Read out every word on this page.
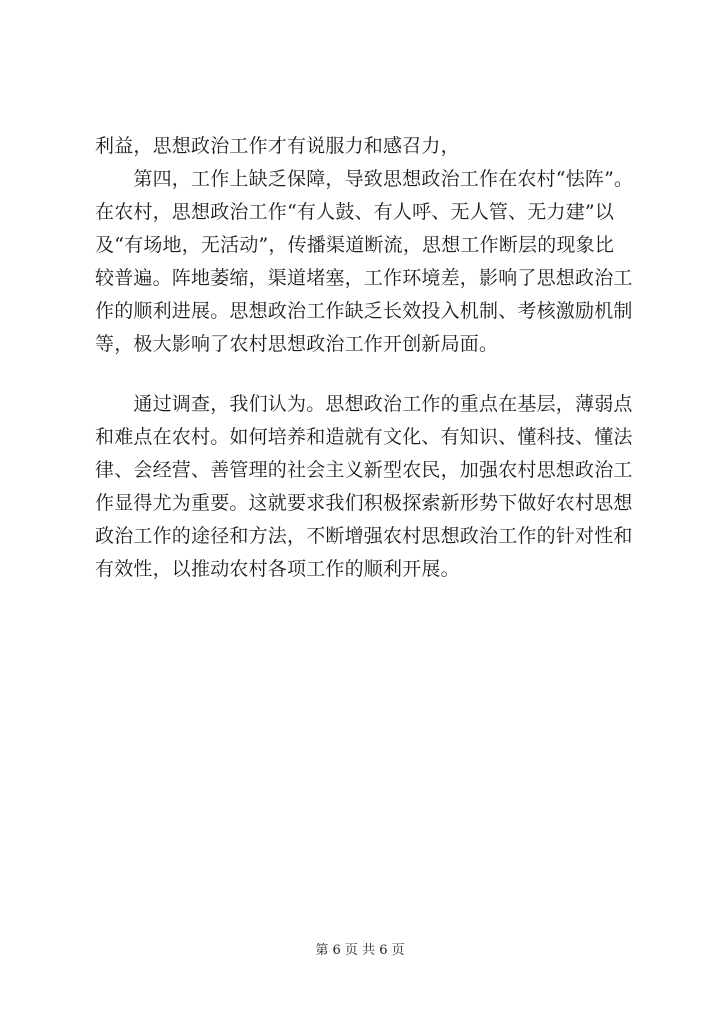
利益，思想政治工作才有说服力和感召力，
　　第四，工作上缺乏保障，导致思想政治工作在农村“怯阵”。
在农村，思想政治工作“有人鼓、有人呼、无人管、无力建”以
及“有场地，无活动”，传播渠道断流，思想工作断层的现象比
较普遍。阵地萎缩，渠道堵塞，工作环境差，影响了思想政治工
作的顺利进展。思想政治工作缺乏长效投入机制、考核激励机制
等，极大影响了农村思想政治工作开创新局面。
　　通过调查，我们认为。思想政治工作的重点在基层，薄弱点
和难点在农村。如何培养和造就有文化、有知识、懂科技、懂法
律、会经营、善管理的社会主义新型农民，加强农村思想政治工
作显得尤为重要。这就要求我们积极探索新形势下做好农村思想
政治工作的途径和方法，不断增强农村思想政治工作的针对性和
有效性，以推动农村各项工作的顺利开展。
第 6 页 共 6 页
